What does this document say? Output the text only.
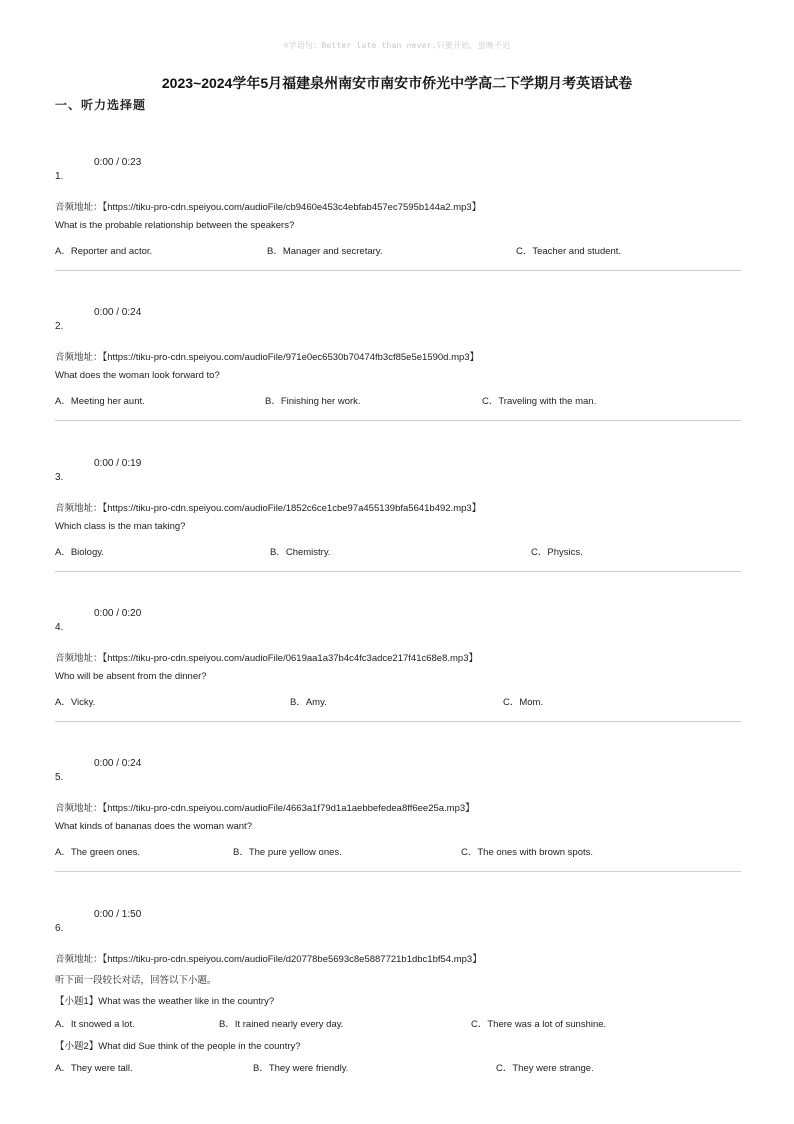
☺学语句：Better late than never.只要开始，虽晚不迟
2023~2024学年5月福建泉州南安市南安市侨光中学高二下学期月考英语试卷
一、听力选择题
0:00 / 0:23
1.
音频地址：【https://tiku-pro-cdn.speiyou.com/audioFile/cb9460e453c4ebfab457ec7595b144a2.mp3】
What is the probable relationship between the speakers?
A．Reporter and actor.	B．Manager and secretary.	C．Teacher and student.
0:00 / 0:24
2.
音频地址：【https://tiku-pro-cdn.speiyou.com/audioFile/971e0ec6530b70474fb3cf85e5e1590d.mp3】
What does the woman look forward to?
A．Meeting her aunt.	B．Finishing her work.	C．Traveling with the man.
0:00 / 0:19
3.
音频地址：【https://tiku-pro-cdn.speiyou.com/audioFile/1852c6ce1cbe97a455139bfa5641b492.mp3】
Which class is the man taking?
A．Biology.	B．Chemistry.	C．Physics.
0:00 / 0:20
4.
音频地址：【https://tiku-pro-cdn.speiyou.com/audioFile/0619aa1a37b4c4fc3adce217f41c68e8.mp3】
Who will be absent from the dinner?
A．Vicky.	B．Amy.	C．Mom.
0:00 / 0:24
5.
音频地址：【https://tiku-pro-cdn.speiyou.com/audioFile/4663a1f79d1a1aebbefedea8ff6ee25a.mp3】
What kinds of bananas does the woman want?
A．The green ones.	B．The pure yellow ones.	C．The ones with brown spots.
0:00 / 1:50
6.
音频地址：【https://tiku-pro-cdn.speiyou.com/audioFile/d20778be5693c8e5887721b1dbc1bf54.mp3】
听下面一段较长对话，回答以下小题。
【小题1】What was the weather like in the country?
A．It snowed a lot.	B．It rained nearly every day.	C．There was a lot of sunshine.
【小题2】What did Sue think of the people in the country?
A．They were tall.	B．They were friendly.	C．They were strange.
